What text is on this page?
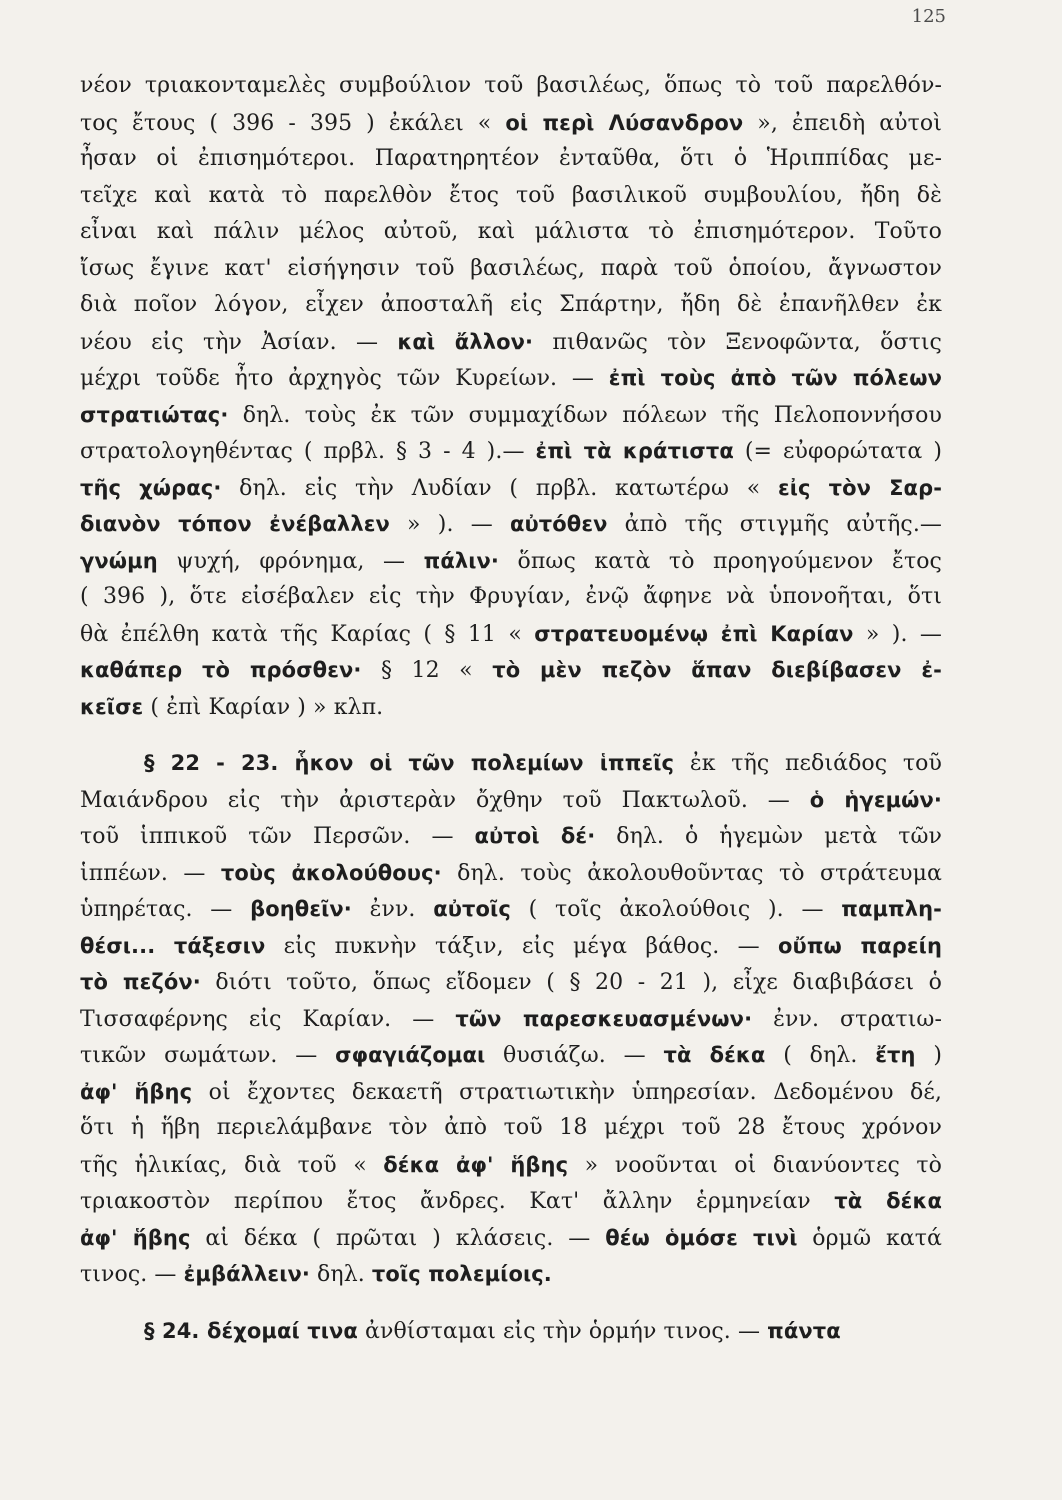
125
νέον τριακονταμελὲς συμβούλιον τοῦ βασιλέως, ὅπως τὸ τοῦ παρελθόν-
τος ἔτους ( 396 - 395 ) ἐκάλει « οἱ περὶ Λύσανδρον », ἐπειδὴ αὐτοὶ
ἦσαν οἱ ἐπισημότεροι. Παρατηρητέον ἐνταῦθα, ὅτι ὁ Ἡριππίδας με-
τεῖχε καὶ κατὰ τὸ παρελθὸν ἔτος τοῦ βασιλικοῦ συμβουλίου, ἤδη δὲ
εἶναι καὶ πάλιν μέλος αὐτοῦ, καὶ μάλιστα τὸ ἐπισημότερον. Τοῦτο
ἴσως ἔγινε κατ' εἰσήγησιν τοῦ βασιλέως, παρὰ τοῦ ὁποίου, ἄγνωστον
διὰ ποῖον λόγον, εἶχεν ἀποσταλῆ εἰς Σπάρτην, ἤδη δὲ ἐπανῆλθεν ἐκ
νέου εἰς τὴν Ἀσίαν. — καὶ ἄλλον· πιθανῶς τὸν Ξενοφῶντα, ὅστις
μέχρι τοῦδε ἦτο ἀρχηγὸς τῶν Κυρείων. — ἐπὶ τοὺς ἀπὸ τῶν πόλεων
στρατιώτας· δηλ. τοὺς ἐκ τῶν συμμαχίδων πόλεων τῆς Πελοποννήσου
στρατολογηθέντας ( πρβλ. § 3 - 4 ).— ἐπὶ τὰ κράτιστα (= εὐφορώτατα )
τῆς χώρας· δηλ. εἰς τὴν Λυδίαν ( πρβλ. κατωτέρω « εἰς τὸν Σαρ-
διανὸν τόπον ἐνέβαλλεν » ). — αὐτόθεν ἀπὸ τῆς στιγμῆς αὐτῆς.—
γνώμη ψυχή, φρόνημα, — πάλιν· ὅπως κατὰ τὸ προηγούμενον ἔτος
( 396 ), ὅτε εἰσέβαλεν εἰς τὴν Φρυγίαν, ἐνῷ ἄφηνε νὰ ὑπονοῆται, ὅτι
θὰ ἐπέλθη κατὰ τῆς Καρίας ( § 11 « στρατευομένῳ ἐπὶ Καρίαν » ). —
καθάπερ τὸ πρόσθεν· § 12 « τὸ μὲν πεζὸν ἅπαν διεβίβασεν ἐ-
κεῖσε ( ἐπὶ Καρίαν ) » κλπ.
§ 22 - 23. ἧκον οἱ τῶν πολεμίων ἱππεῖς ἐκ τῆς πεδιάδος τοῦ
Μαιάνδρου εἰς τὴν ἀριστερὰν ὄχθην τοῦ Πακτωλοῦ. — ὁ ἡγεμών·
τοῦ ἱππικοῦ τῶν Περσῶν. — αὐτοὶ δέ· δηλ. ὁ ἡγεμὼν μετὰ τῶν
ἱππέων. — τοὺς ἀκολούθους· δηλ. τοὺς ἀκολουθοῦντας τὸ στράτευμα
ὑπηρέτας. — βοηθεῖν· ἐνν. αὐτοῖς ( τοῖς ἀκολούθοις ). — παμπλη-
θέσι... τάξεσιν εἰς πυκνὴν τάξιν, εἰς μέγα βάθος. — οὔπω παρείη
τὸ πεζόν· διότι τοῦτο, ὅπως εἴδομεν ( § 20 - 21 ), εἶχε διαβιβάσει ὁ
Τισσαφέρνης εἰς Καρίαν. — τῶν παρεσκευασμένων· ἐνν. στρατιω-
τικῶν σωμάτων. — σφαγιάζομαι θυσιάζω. — τὰ δέκα ( δηλ. ἔτη )
ἀφ' ἥβης οἱ ἔχοντες δεκαετῆ στρατιωτικὴν ὑπηρεσίαν. Δεδομένου δέ,
ὅτι ἡ ἥβη περιελάμβανε τὸν ἀπὸ τοῦ 18 μέχρι τοῦ 28 ἔτους χρόνον
τῆς ἡλικίας, διὰ τοῦ « δέκα ἀφ' ἥβης » νοοῦνται οἱ διανύοντες τὸ
τριακοστὸν περίπου ἔτος ἄνδρες. Κατ' ἄλλην ἑρμηνείαν τὰ δέκα
ἀφ' ἥβης αἱ δέκα ( πρῶται ) κλάσεις. — θέω ὁμόσε τινὶ ὁρμῶ κατά
τινος. — ἐμβάλλειν· δηλ. τοῖς πολεμίοις.
§ 24. δέχομαί τινα ἀνθίσταμαι εἰς τὴν ὁρμήν τινος. — πάντα
